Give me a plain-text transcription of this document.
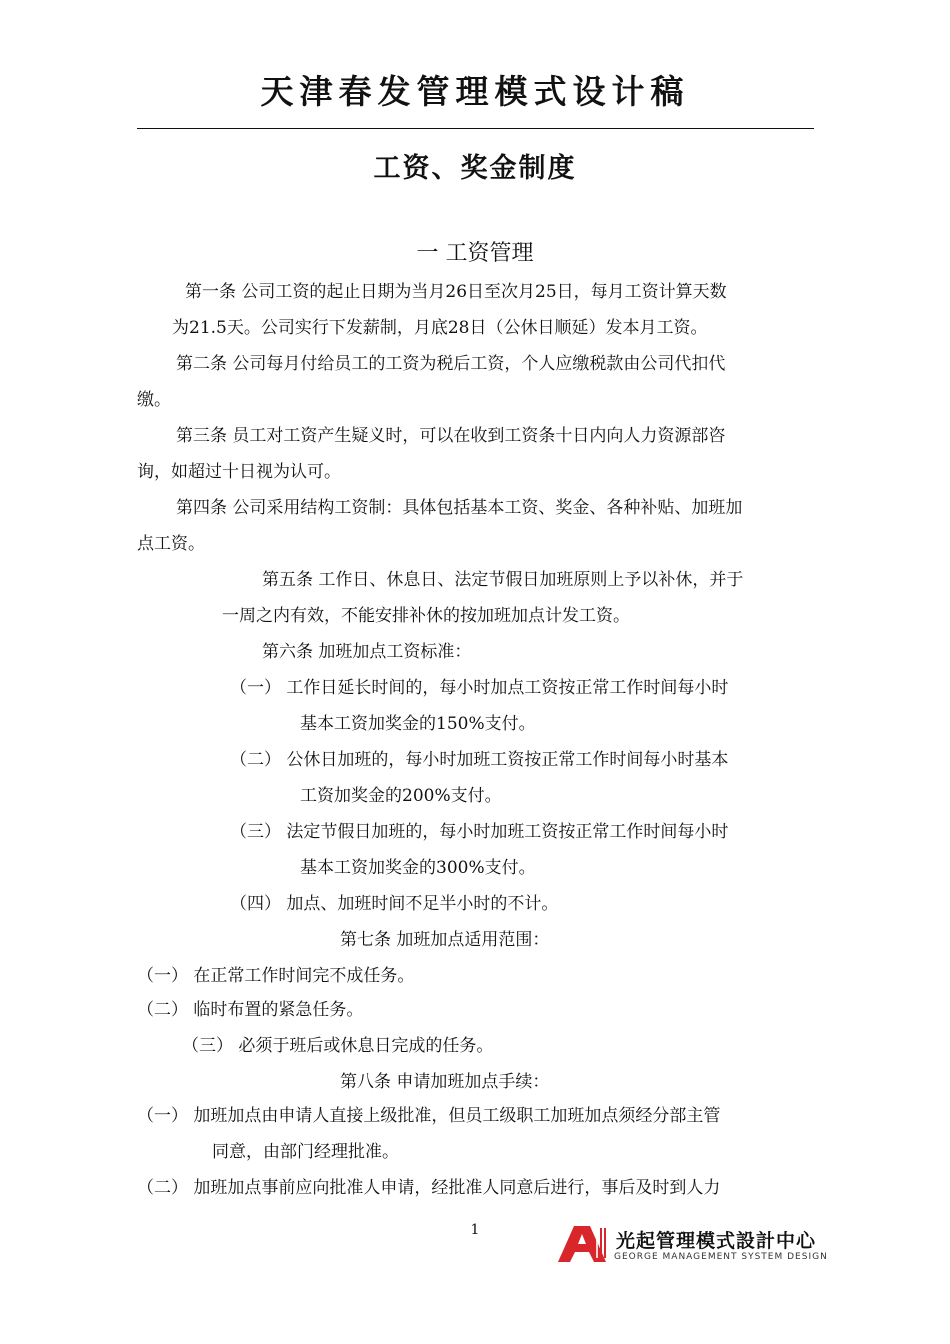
天津春发管理模式设计稿
工资、奖金制度
一 工资管理
第一条 公司工资的起止日期为当月26日至次月25日，每月工资计算天数
为21.5天。公司实行下发薪制，月底28日（公休日顺延）发本月工资。
第二条 公司每月付给员工的工资为税后工资，个人应缴税款由公司代扣代
缴。
第三条 员工对工资产生疑义时，可以在收到工资条十日内向人力资源部咨
询，如超过十日视为认可。
第四条 公司采用结构工资制：具体包括基本工资、奖金、各种补贴、加班加
点工资。
第五条 工作日、休息日、法定节假日加班原则上予以补休，并于
一周之内有效，不能安排补休的按加班加点计发工资。
第六条 加班加点工资标准：
（一） 工作日延长时间的，每小时加点工资按正常工作时间每小时
基本工资加奖金的150%支付。
（二） 公休日加班的，每小时加班工资按正常工作时间每小时基本
工资加奖金的200%支付。
（三） 法定节假日加班的，每小时加班工资按正常工作时间每小时
基本工资加奖金的300%支付。
（四） 加点、加班时间不足半小时的不计。
第七条 加班加点适用范围：
（一） 在正常工作时间完不成任务。
（二） 临时布置的紧急任务。
（三） 必须于班后或休息日完成的任务。
第八条 申请加班加点手续：
（一） 加班加点由申请人直接上级批准，但员工级职工加班加点须经分部主管
同意，由部门经理批准。
（二） 加班加点事前应向批准人申请，经批准人同意后进行，事后及时到人力
1	光起管理模式設計中心
GEORGE MANAGEMENT SYSTEM DESIGN
